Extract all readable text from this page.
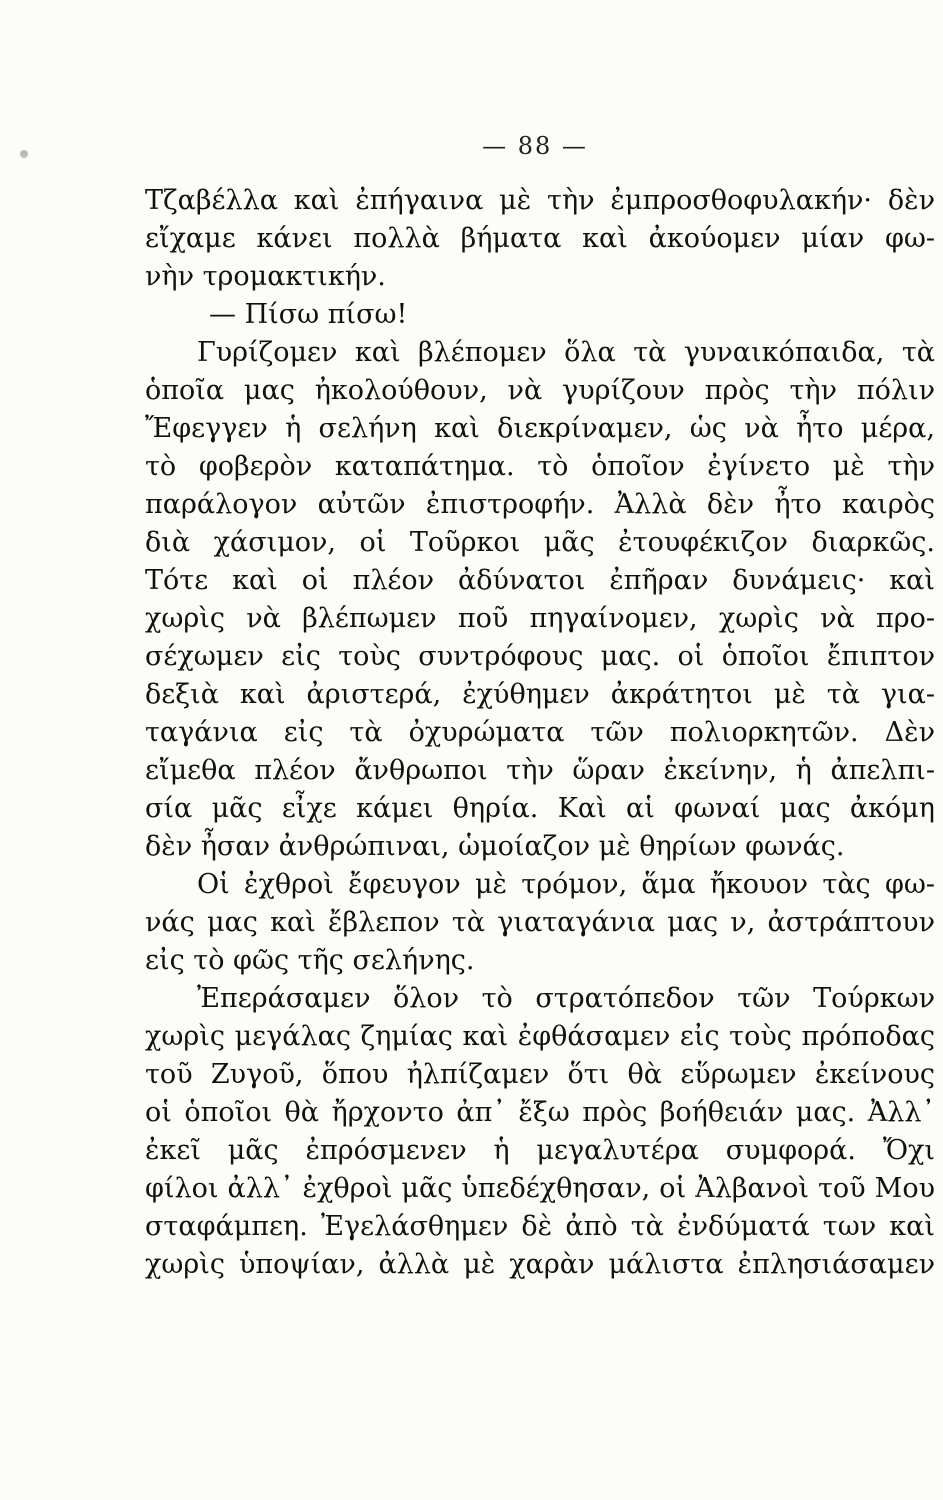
— 88 —
Τζαβέλλα καὶ ἐπήγαινα μὲ τὴν ἐμπροσθοφυλακήν· δὲν
εἴχαμε κάνει πολλὰ βήματα καὶ ἀκούομεν μίαν φω-
νὴν τρομακτικήν.
— Πίσω πίσω!
Γυρίζομεν καὶ βλέπομεν ὅλα τὰ γυναικόπαιδα, τὰ
ὁποῖα μας ἠκολούθουν, νὰ γυρίζουν πρὸς τὴν πόλιν
Ἔφεγγεν ἡ σελήνη καὶ διεκρίναμεν, ὡς νὰ ἦτο μέρα,
τὸ φοβερὸν καταπάτημα. τὸ ὁποῖον ἐγίνετο μὲ τὴν
παράλογον αὐτῶν ἐπιστροφήν. Ἀλλὰ δὲν ἦτο καιρὸς
διὰ χάσιμον, οἱ Τοῦρκοι μᾶς ἐτουφέκιζον διαρκῶς.
Τότε καὶ οἱ πλέον ἀδύνατοι ἐπῆραν δυνάμεις· καὶ
χωρὶς νὰ βλέπωμεν ποῦ πηγαίνομεν, χωρὶς νὰ προ-
σέχωμεν εἰς τοὺς συντρόφους μας. οἱ ὁποῖοι ἔπιπτον
δεξιὰ καὶ ἀριστερά, ἐχύθημεν ἀκράτητοι μὲ τὰ για-
ταγάνια εἰς τὰ ὀχυρώματα τῶν πολιορκητῶν. Δὲν
εἴμεθα πλέον ἄνθρωποι τὴν ὥραν ἐκείνην, ἡ ἀπελπι-
σία μᾶς εἶχε κάμει θηρία. Καὶ αἱ φωναί μας ἀκόμη
δὲν ἦσαν ἀνθρώπιναι, ὡμοίαζον μὲ θηρίων φωνάς.
Οἱ ἐχθροὶ ἔφευγον μὲ τρόμον, ἅμα ἤκουον τὰς φω-
νάς μας καὶ ἔβλεπον τὰ γιαταγάνια μας ν, ἀστράπτουν
εἰς τὸ φῶς τῆς σελήνης.
Ἐπεράσαμεν ὅλον τὸ στρατόπεδον τῶν Τούρκων
χωρὶς μεγάλας ζημίας καὶ ἐφθάσαμεν εἰς τοὺς πρόποδας
τοῦ Ζυγοῦ, ὅπου ἠλπίζαμεν ὅτι θὰ εὕρωμεν ἐκείνους
οἱ ὁποῖοι θὰ ἤρχοντο ἀπ᾽ ἔξω πρὸς βοήθειάν μας. Ἀλλ᾽
ἐκεῖ μᾶς ἐπρόσμενεν ἡ μεγαλυτέρα συμφορά. Ὄχι
φίλοι ἀλλ᾽ ἐχθροὶ μᾶς ὑπεδέχθησαν, οἱ Ἀλβανοὶ τοῦ Μου
σταφάμπεη. Ἐγελάσθημεν δὲ ἀπὸ τὰ ἐνδύματά των καὶ
χωρὶς ὑποψίαν, ἀλλὰ μὲ χαρὰν μάλιστα ἐπλησιάσαμεν
